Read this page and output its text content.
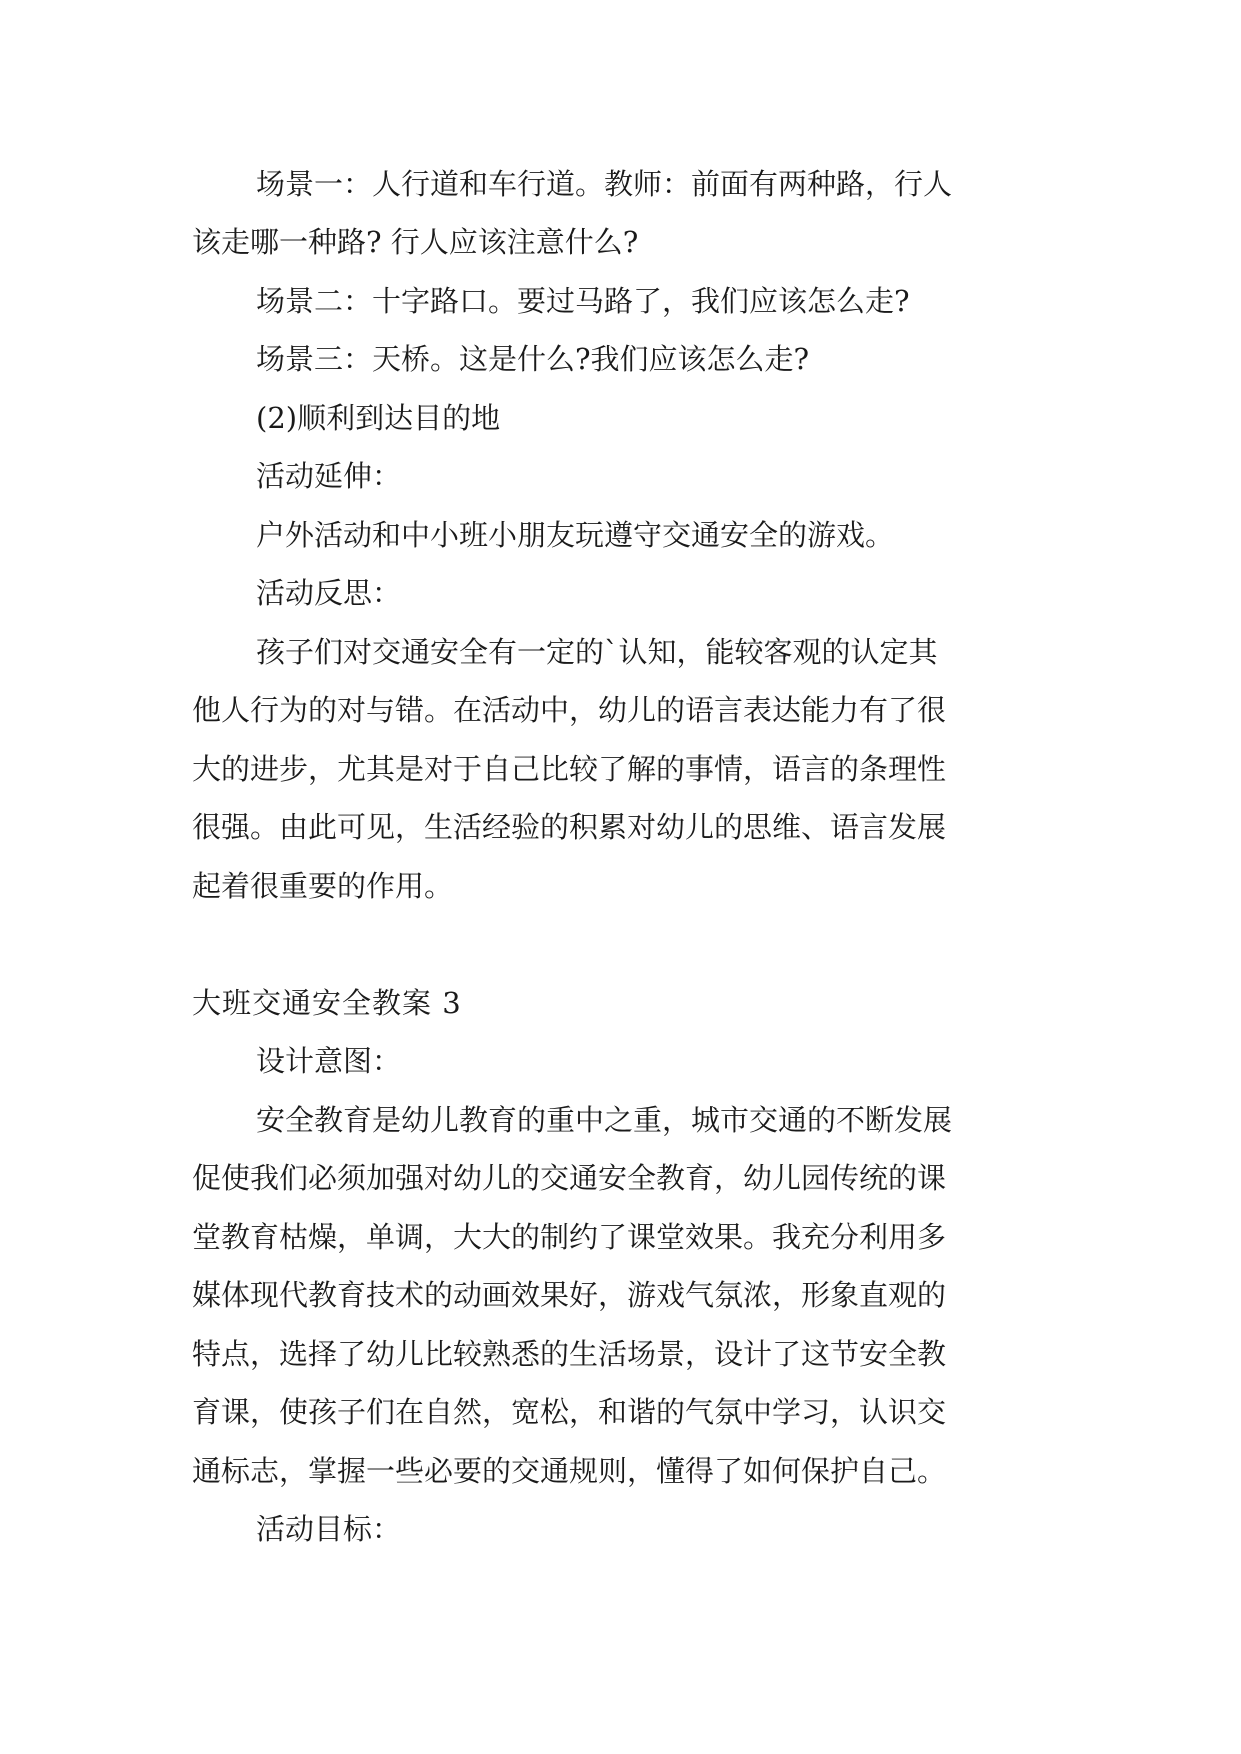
场景一：人行道和车行道。教师：前面有两种路，行人
该走哪一种路? 行人应该注意什么?
场景二：十字路口。要过马路了，我们应该怎么走?
场景三：天桥。这是什么?我们应该怎么走?
(2)顺利到达目的地
活动延伸：
户外活动和中小班小朋友玩遵守交通安全的游戏。
活动反思：
孩子们对交通安全有一定的`认知，能较客观的认定其
他人行为的对与错。在活动中，幼儿的语言表达能力有了很
大的进步，尤其是对于自己比较了解的事情，语言的条理性
很强。由此可见，生活经验的积累对幼儿的思维、语言发展
起着很重要的作用。
大班交通安全教案 3
设计意图：
安全教育是幼儿教育的重中之重，城市交通的不断发展
促使我们必须加强对幼儿的交通安全教育，幼儿园传统的课
堂教育枯燥，单调，大大的制约了课堂效果。我充分利用多
媒体现代教育技术的动画效果好，游戏气氛浓，形象直观的
特点，选择了幼儿比较熟悉的生活场景，设计了这节安全教
育课，使孩子们在自然，宽松，和谐的气氛中学习，认识交
通标志，掌握一些必要的交通规则，懂得了如何保护自己。
活动目标：
